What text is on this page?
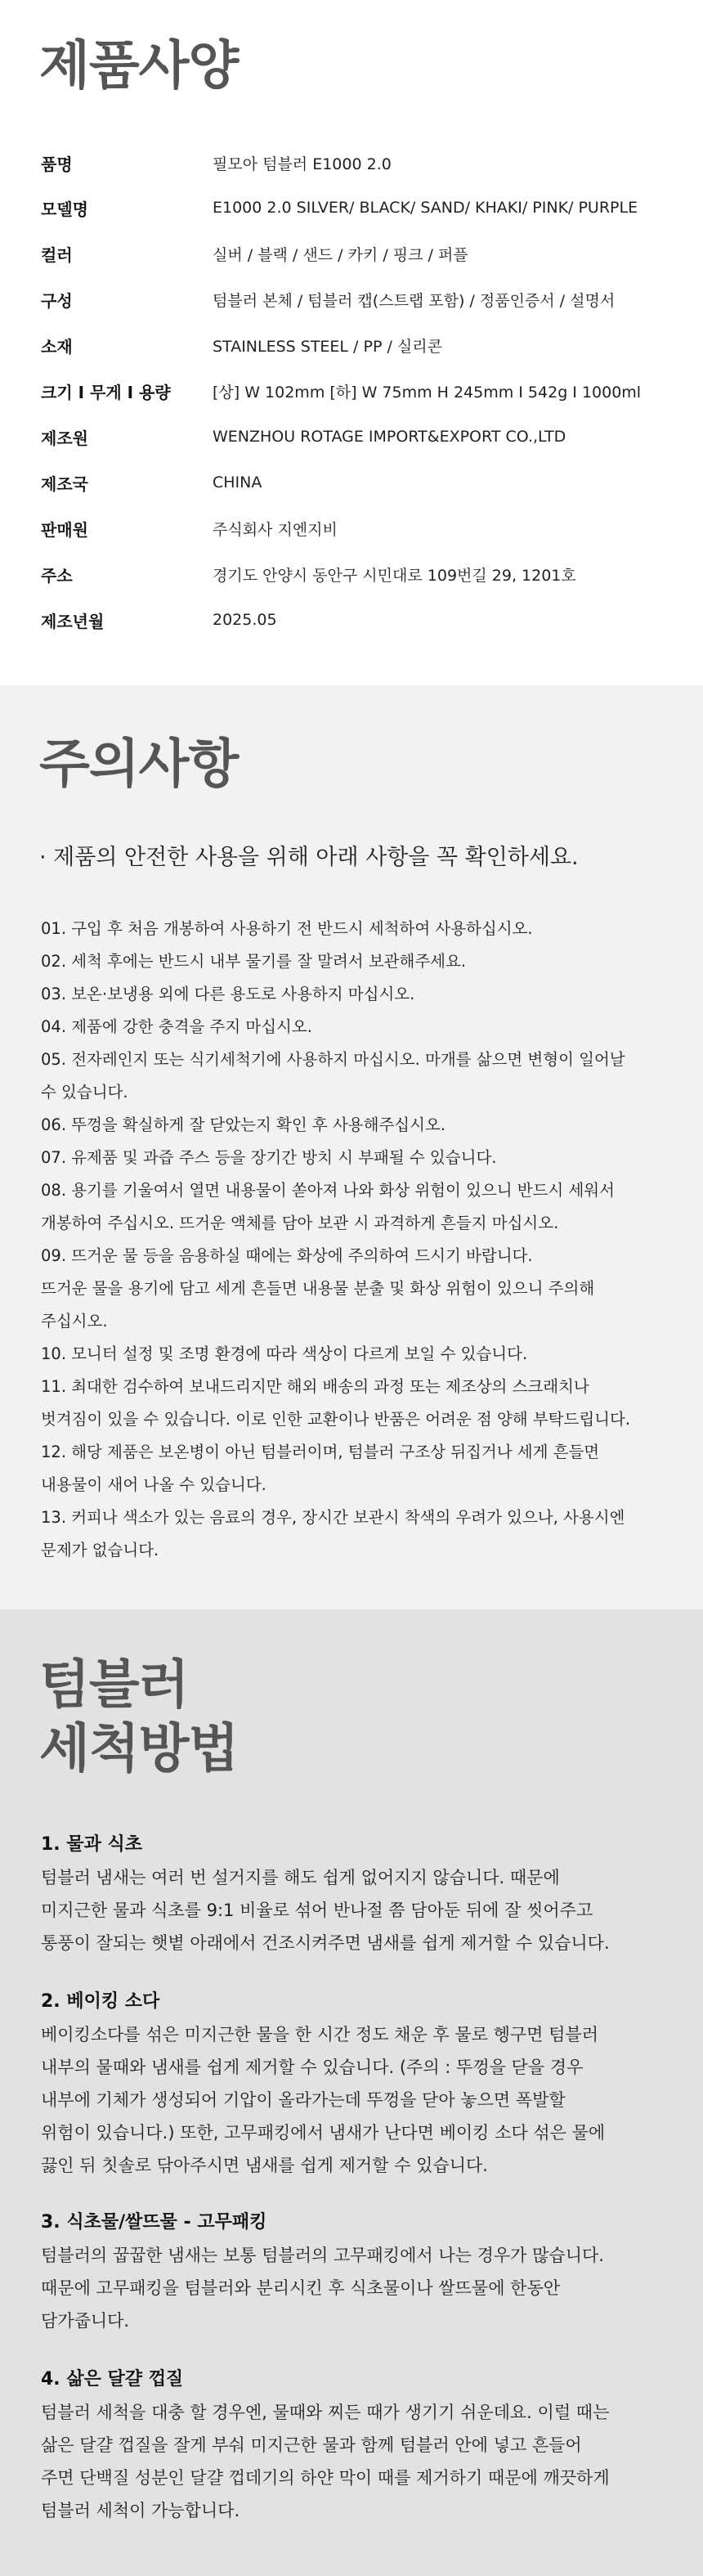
제품사양
품명	필모아 텀블러 E1000 2.0
모델명	E1000 2.0 SILVER/ BLACK/ SAND/ KHAKI/ PINK/ PURPLE
컬러	실버 / 블랙 / 샌드 / 카키 / 핑크 / 퍼플
구성	텀블러 본체 / 텀블러 캡(스트랩 포함) / 정품인증서 / 설명서
소재	STAINLESS STEEL / PP / 실리콘
크기 I 무게 I 용량	[상] W 102mm [하] W 75mm H 245mm I 542g I 1000ml
제조원	WENZHOU ROTAGE IMPORT&EXPORT CO.,LTD
제조국	CHINA
판매원	주식회사 지엔지비
주소	경기도 안양시 동안구 시민대로 109번길 29, 1201호
제조년월	2025.05
주의사항

· 제품의 안전한 사용을 위해 아래 사항을 꼭 확인하세요.

01. 구입 후 처음 개봉하여 사용하기 전 반드시 세척하여 사용하십시오.
02. 세척 후에는 반드시 내부 물기를 잘 말려서 보관해주세요.
03. 보온·보냉용 외에 다른 용도로 사용하지 마십시오.
04. 제품에 강한 충격을 주지 마십시오.
05. 전자레인지 또는 식기세척기에 사용하지 마십시오. 마개를 삶으면 변형이 일어날
수 있습니다.
06. 뚜껑을 확실하게 잘 닫았는지 확인 후 사용해주십시오.
07. 유제품 및 과즙 주스 등을 장기간 방치 시 부패될 수 있습니다.
08. 용기를 기울여서 열면 내용물이 쏟아져 나와 화상 위험이 있으니 반드시 세워서
개봉하여 주십시오. 뜨거운 액체를 담아 보관 시 과격하게 흔들지 마십시오.
09. 뜨거운 물 등을 음용하실 때에는 화상에 주의하여 드시기 바랍니다.
뜨거운 물을 용기에 담고 세게 흔들면 내용물 분출 및 화상 위험이 있으니 주의해
주십시오.
10. 모니터 설정 및 조명 환경에 따라 색상이 다르게 보일 수 있습니다.
11. 최대한 검수하여 보내드리지만 해외 배송의 과정 또는 제조상의 스크래치나
벗겨짐이 있을 수 있습니다. 이로 인한 교환이나 반품은 어려운 점 양해 부탁드립니다.
12. 해당 제품은 보온병이 아닌 텀블러이며, 텀블러 구조상 뒤집거나 세게 흔들면
내용물이 새어 나올 수 있습니다.
13. 커피나 색소가 있는 음료의 경우, 장시간 보관시 착색의 우려가 있으나, 사용시엔
문제가 없습니다.
텀블러
세척방법
1. 물과 식초
텀블러 냄새는 여러 번 설거지를 해도 쉽게 없어지지 않습니다. 때문에
미지근한 물과 식초를 9:1 비율로 섞어 반나절 쯤 담아둔 뒤에 잘 씻어주고
통풍이 잘되는 햇볕 아래에서 건조시켜주면 냄새를 쉽게 제거할 수 있습니다.
2. 베이킹 소다
베이킹소다를 섞은 미지근한 물을 한 시간 정도 채운 후 물로 헹구면 텀블러
내부의 물때와 냄새를 쉽게 제거할 수 있습니다. (주의 : 뚜껑을 닫을 경우
내부에 기체가 생성되어 기압이 올라가는데 뚜껑을 닫아 놓으면 폭발할
위험이 있습니다.) 또한, 고무패킹에서 냄새가 난다면 베이킹 소다 섞은 물에
끓인 뒤 칫솔로 닦아주시면 냄새를 쉽게 제거할 수 있습니다.
3. 식초물/쌀뜨물 - 고무패킹
텀블러의 꿉꿉한 냄새는 보통 텀블러의 고무패킹에서 나는 경우가 많습니다.
때문에 고무패킹을 텀블러와 분리시킨 후 식초물이나 쌀뜨물에 한동안
담가줍니다.
4. 삶은 달걀 껍질
텀블러 세척을 대충 할 경우엔, 물때와 찌든 때가 생기기 쉬운데요. 이럴 때는
삶은 달걀 껍질을 잘게 부숴 미지근한 물과 함께 텀블러 안에 넣고 흔들어
주면 단백질 성분인 달걀 껍데기의 하얀 막이 때를 제거하기 때문에 깨끗하게
텀블러 세척이 가능합니다.
